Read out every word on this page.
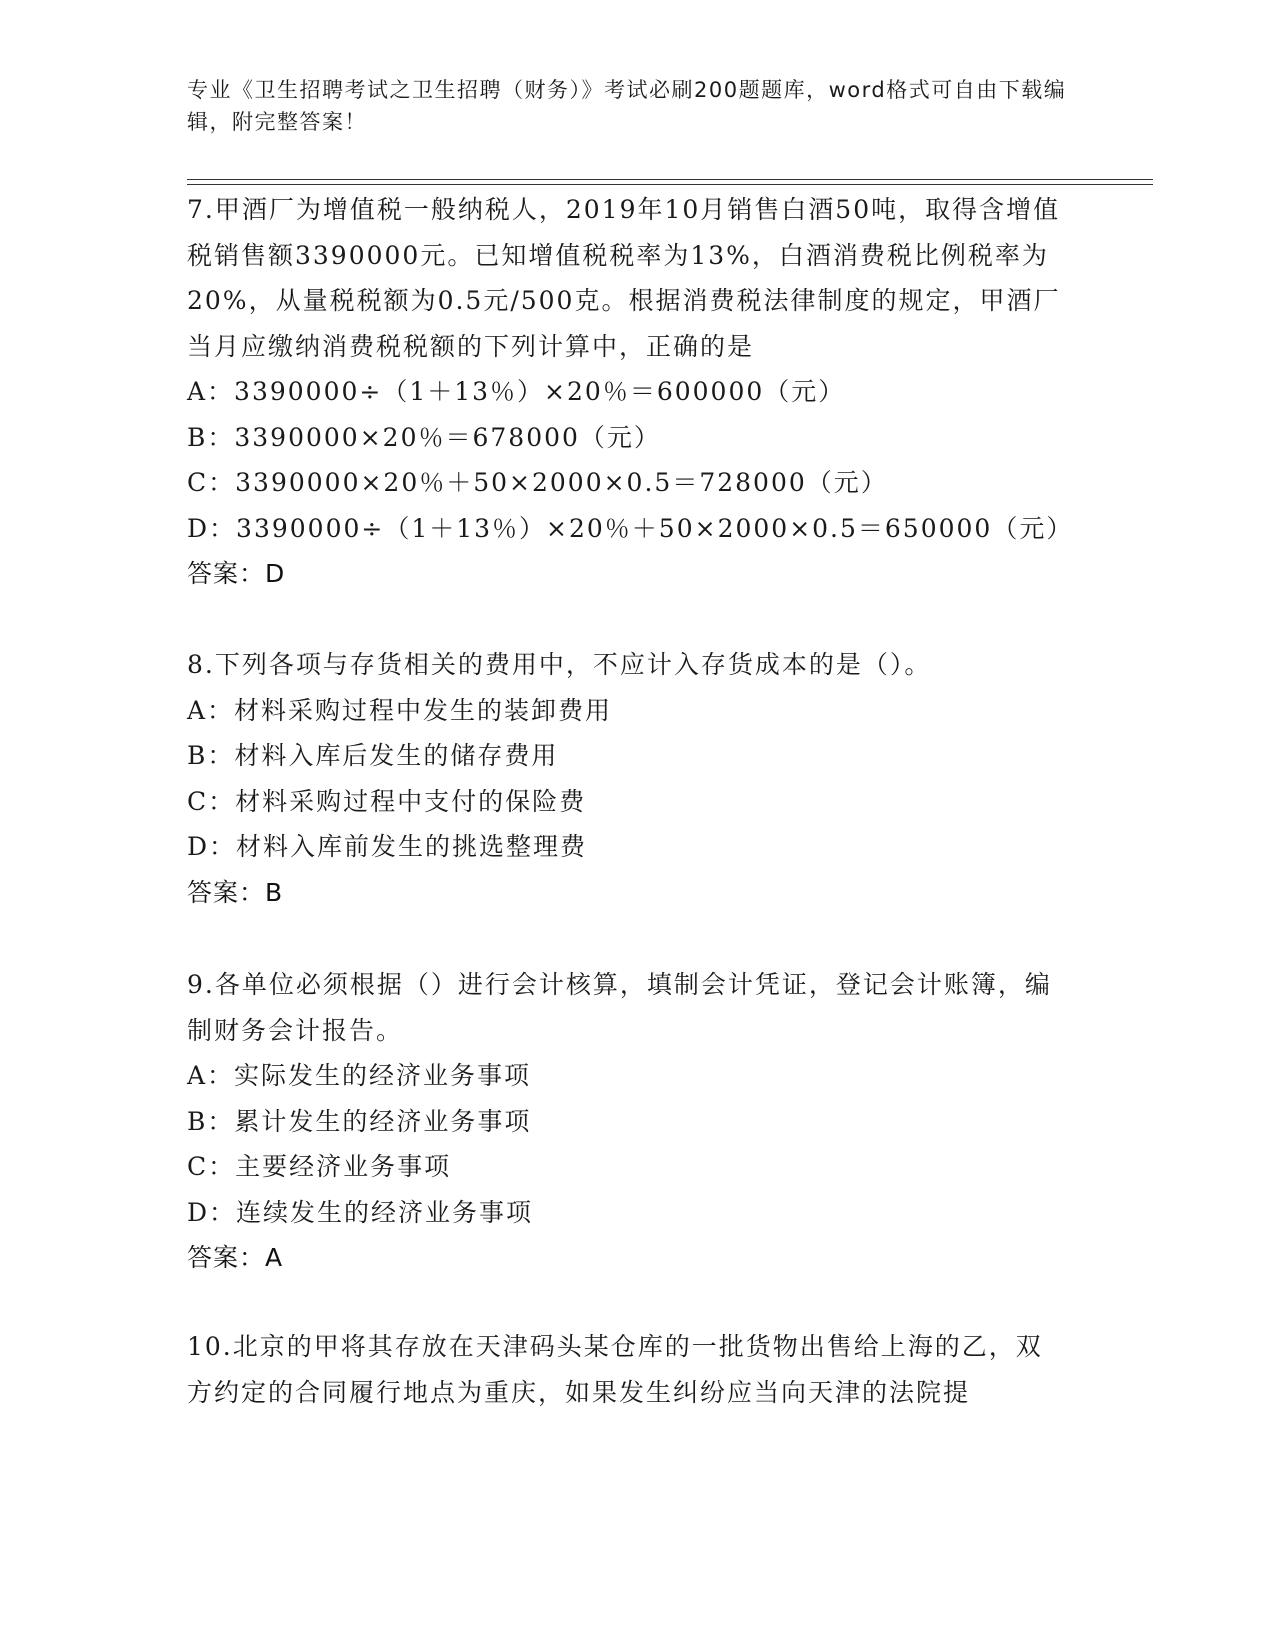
专业《卫生招聘考试之卫生招聘（财务）》考试必刷200题题库，word格式可自由下载编辑，附完整答案！
7.甲酒厂为增值税一般纳税人，2019年10月销售白酒50吨，取得含增值税销售额3390000元。已知增值税税率为13%，白酒消费税比例税率为20%，从量税税额为0.5元/500克。根据消费税法律制度的规定，甲酒厂当月应缴纳消费税税额的下列计算中，正确的是
A：3390000÷（1＋13％）×20％＝600000（元）
B：3390000×20％＝678000（元）
C：3390000×20％＋50×2000×0.5＝728000（元）
D：3390000÷（1＋13％）×20％＋50×2000×0.5＝650000（元）
答案：D
8.下列各项与存货相关的费用中，不应计入存货成本的是（）。
A：材料采购过程中发生的装卸费用
B：材料入库后发生的储存费用
C：材料采购过程中支付的保险费
D：材料入库前发生的挑选整理费
答案：B
9.各单位必须根据（）进行会计核算，填制会计凭证，登记会计账簿，编制财务会计报告。
A：实际发生的经济业务事项
B：累计发生的经济业务事项
C：主要经济业务事项
D：连续发生的经济业务事项
答案：A
10.北京的甲将其存放在天津码头某仓库的一批货物出售给上海的乙，双方约定的合同履行地点为重庆，如果发生纠纷应当向天津的法院提
